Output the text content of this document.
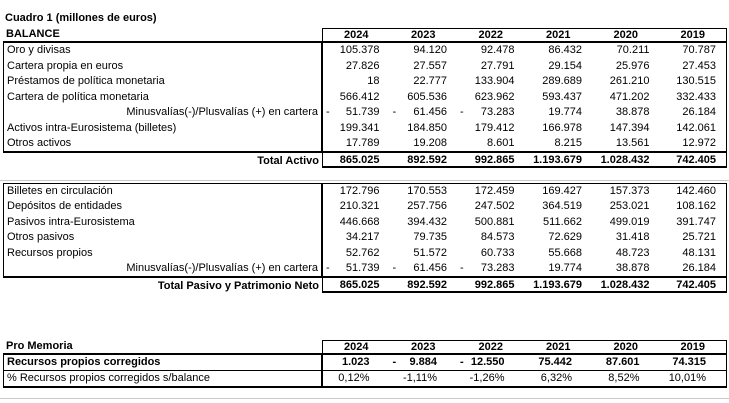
Cuadro 1 (millones de euros)
BALANCE	2024	2023	2022	2021	2020	2019
Oro y divisas	105.378	94.120	92.478	86.432	70.211	70.787
Cartera propia en euros	27.826	27.557	27.791	29.154	25.976	27.453
Préstamos de política monetaria	18	22.777	133.904	289.689	261.210 130.515
Cartera de política monetaria	566.412	605.536	623.962	593.437	471.202 332.433
Minusvalías(-)/Plusvalías (+) en cartera - 51.739 - 61.456 - 73.283	19.774	38.878	26.184
Activos intra-Eurosistema (billetes)	199.341	184.850	179.412	166.978	147.394 142.061
Otros activos	17.789	19.208	8.601	8.215	13.561	12.972
Total Activo 865.025	892.592	992.865 1.193.679 1.028.432 742.405
Billetes en circulación	172.796	170.553	172.459	169.427	157.373 142.460
Depósitos de entidades	210.321	257.756	247.502	364.519	253.021 108.162
Pasivos intra-Eurosistema	446.668	394.432	500.881	511.662	499.019 391.747
Otros pasivos	34.217	79.735	84.573	72.629	31.418	25.721
Recursos propios	52.762	51.572	60.733	55.668	48.723	48.131
Minusvalías(-)/Plusvalías (+) en cartera - 51.739 - 61.456 - 73.283	19.774	38.878	26.184
Total Pasivo y Patrimonio Neto 865.025	892.592	992.865 1.193.679 1.028.432 742.405
Pro Memoria	2024	2023	2022	2021	2020	2019
Recursos propios corregidos	1.023 - 9.884 - 12.550	75.442	87.601	74.315
% Recursos propios corregidos s/balance	0,12%	-1,11%	-1,26%	6,32%	8,52%	10,01%
